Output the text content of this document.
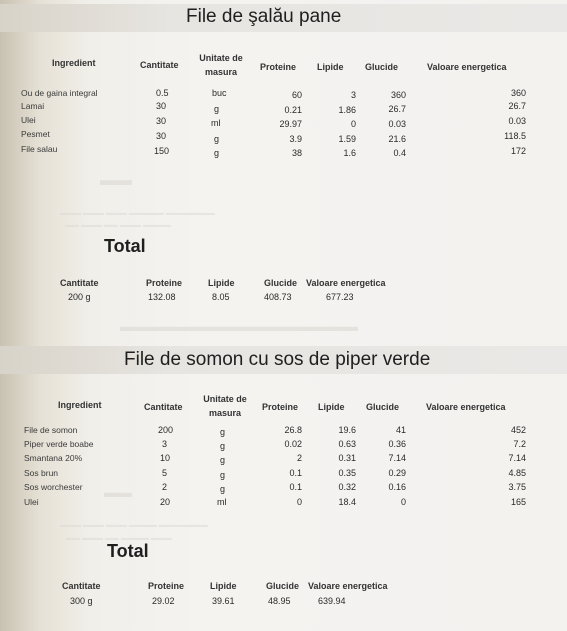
File de şalău pane
Ingredient	Cantitate
Unitate de masura	Proteine Lipide Glucide	Valoare energetica
Ou de gaina integral	0.5	buc	60	3	360	360
Lamai	30	g	0.21	1.86	26.7	26.7
Ulei	30	ml	29.97	0	0.03	0.03
Pesmet	30	g	3.9	1.59	21.6	118.5
File salau	150	g	38	1.6	0.4	172
▬▬
▬▬▬ ▬▬▬ ▬▬▬ ▬▬▬▬▬ ▬▬▬▬▬▬▬
▬▬ ▬▬▬ ▬▬ ▬▬▬ ▬▬▬▬
Total
Cantitate	Proteine	Lipide	Glucide Valoare energetica
200 g	132.08	8.05	408.73	677.23
▬▬▬▬▬▬▬▬▬▬▬▬▬▬▬▬▬
File de somon cu sos de piper verde
Ingredient	Cantitate
Unitate de masura
Proteine Lipide Glucide	Valoare energetica
File de somon	200	g	26.8	19.6	41	452
Piper verde boabe	3	g	0.02	0.63	0.36	7.2
Smantana 20%	10	g	2	0.31	7.14	7.14
Sos brun	5	g	0.1	0.35	0.29	4.85
Sos worchester	2	g	0.1	0.32	0.16	3.75
Ulei	20	ml	0	18.4	0	165
▬▬
▬▬▬ ▬▬▬ ▬▬▬ ▬▬▬▬ ▬▬▬▬▬▬▬
▬▬ ▬▬▬ ▬▬ ▬▬▬▬ ▬▬▬
Total
Cantitate	Proteine	Lipide	Glucide Valoare energetica
300 g	29.02	39.61	48.95	639.94
